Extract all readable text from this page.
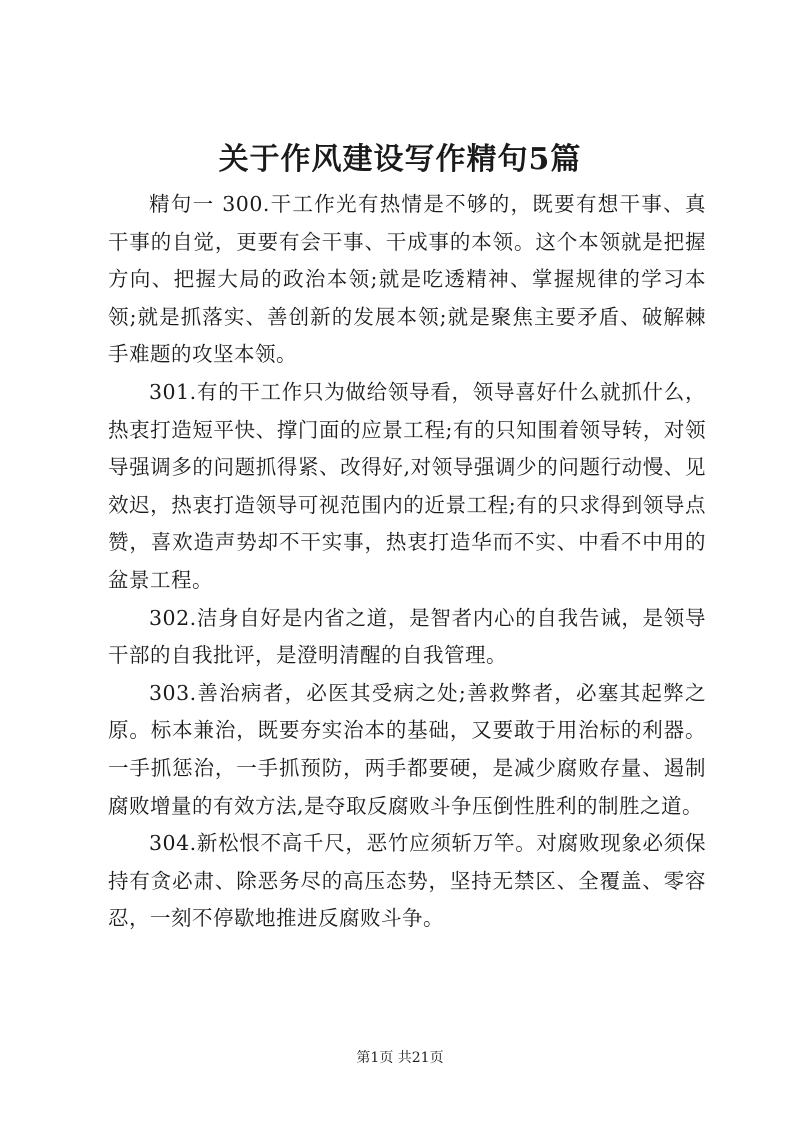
关于作风建设写作精句5篇

精句一 300.干工作光有热情是不够的，既要有想干事、真干事的自觉，更要有会干事、干成事的本领。这个本领就是把握方向、把握大局的政治本领;就是吃透精神、掌握规律的学习本领;就是抓落实、善创新的发展本领;就是聚焦主要矛盾、破解棘手难题的攻坚本领。

301.有的干工作只为做给领导看，领导喜好什么就抓什么，热衷打造短平快、撑门面的应景工程;有的只知围着领导转，对领导强调多的问题抓得紧、改得好,对领导强调少的问题行动慢、见效迟，热衷打造领导可视范围内的近景工程;有的只求得到领导点赞，喜欢造声势却不干实事，热衷打造华而不实、中看不中用的盆景工程。

302.洁身自好是内省之道，是智者内心的自我告诫，是领导干部的自我批评，是澄明清醒的自我管理。

303.善治病者，必医其受病之处;善救弊者，必塞其起弊之原。标本兼治，既要夯实治本的基础，又要敢于用治标的利器。一手抓惩治，一手抓预防，两手都要硬，是减少腐败存量、遏制腐败增量的有效方法,是夺取反腐败斗争压倒性胜利的制胜之道。

304.新松恨不高千尺，恶竹应须斩万竿。对腐败现象必须保持有贪必肃、除恶务尽的高压态势，坚持无禁区、全覆盖、零容忍，一刻不停歇地推进反腐败斗争。

第1页 共21页
